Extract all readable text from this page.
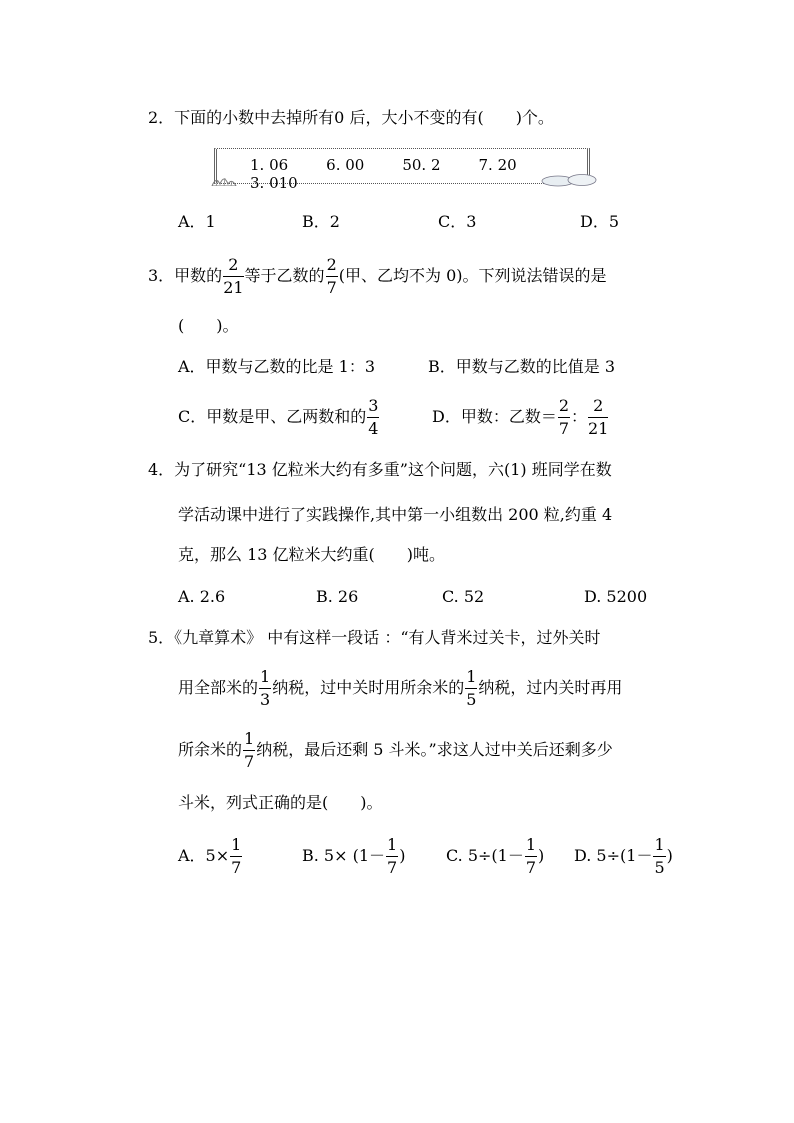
2．下面的小数中去掉所有0 后，大小不变的有(　　)个。
1. 06	6. 00	50. 2	7. 203. 010
A．1	B．2	C．3	D．5
3．甲数的 $\frac{2}{21}$ 等于乙数的 $\frac{2}{7}$ (甲、乙均不为 0)。下列说法错误的是
(　　)。
A．甲数与乙数的比是 1：3	B．甲数与乙数的比值是 3
C．甲数是甲、乙两数和的 $\frac{3}{4}$	D．甲数：乙数＝ $\frac{2}{7}$ ： $\frac{2}{21}$
4．为了研究“13 亿粒米大约有多重”这个问题，六(1) 班同学在数
学活动课中进行了实践操作,其中第一小组数出 200 粒,约重 4
克，那么 13 亿粒米大约重(　　)吨。
A. 2.6	B. 26	C. 52	D. 5200
5．《九章算术》 中有这样一段话 ：“有人背米过关卡，过外关时
用全部米的 $\frac{1}{3}$ 纳税，过中关时用所余米的 $\frac{1}{5}$ 纳税，过内关时再用
所余米的 $\frac{1}{7}$ 纳税，最后还剩 5 斗米。”求这人过中关后还剩多少
斗米，列式正确的是(　　)。
A．$5\times \frac{1}{7}$	B. $5\times (1- \frac{1}{7}$ )	C. $5\div(1- \frac{1}{7}$ ) D. $5\div(1- \frac{1}{5}$ )
